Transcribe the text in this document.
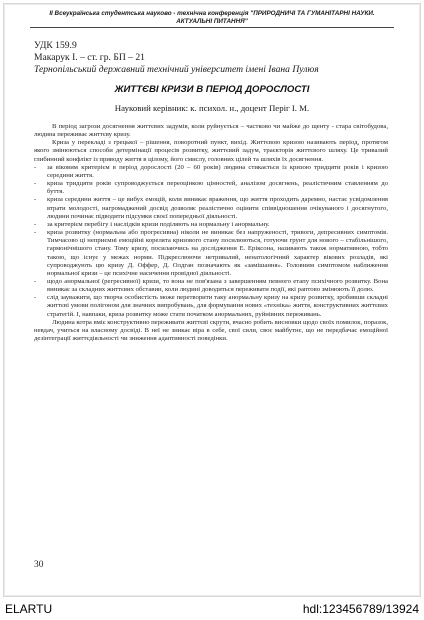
II Всеукраїнська студентська науково - технічна конференція "ПРИРОДНИЧІ ТА ГУМАНІТАРНІ НАУКИ.
АКТУАЛЬНІ ПИТАННЯ"
УДК 159.9
Макарук І. – ст. гр. БП – 21
Тернопільський державний технічний університет імені Івана Пулюя
ЖИТТЄВІ КРИЗИ В ПЕРІОД ДОРОСЛОСТІ
Науковий керівник: к. психол. н., доцент Періг І. М.

В період загрози досягнення життєвих задумів, коли руйнується – частково чи майже до щенту - стара світобудова, людина переживає життєву кризу.

Криза у перекладі з грецької – рішення, поворотний пункт, вихід. Життєвою кризою називають період, протягом якого змінюються способи детермінації процесів розвитку, життєвий задум, траєкторія життєвого шляху. Це тривалий глибинний конфлікт із приводу життя в цілому, його смислу, головних цілей та шляхів їх досягнення.

- за віковим критерієм в період дорослості (20 – 60 років) людина стикається із кризою тридцяти років і кризою середини життя.
- криза тридцяти років супроводжується переоцінкою цінностей, аналізом досягнень, реалістичним ставленням до буття.
- криза середини життя – це вибух емоцій, коли виникає враження, що життя проходить даремно, настає усвідомлення втрати молодості, нагромаджений досвід дозволяє реалістично оцінити співвідношення очікуваного і досягнутого, людини починає підводити підсумки своєї попередньої діяльності.
- за критерієм перебігу і наслідків кризи поділяють на нормальну і анормальну.
- криза розвитку (нормальна або прогресивна) ніколи не виникає без напруженості, тривоги, депресивних симптомів. Тимчасово ці неприємні емоційні корелята кризового стану посилюються, готуючи грунт для нового – стабільнішого, гармонічнішого стану. Тому кризу, посилаючись на дослідження Е. Еріксона, називають також нормативною, тобто такою, що існує у межах норми. Підкреслюючи нетривалий, ненатологічний характер вікових розладів, які супроводжують цю кризу Д. Оффер, Д. Олдган позначають як «замішання». Головним симптомом наближення нормальної кризи – це психічне насичення провідної діяльності.
- щодо анормальної (регресивної) кризи, то вона не пов'язана з завершенням певного етапу психічного розвитку. Вона виникає за складних життєвих обставин, коли людині доводиться переживати події, які раптово змінюють її долю.
- слід зауважити, що творча особистість може перетворити таку анормальну кризу на кризу розвитку, зробивши складні життєві умови полігоном для значних випробувань, для формування нових «техніка» життя, конструктивних життєвих стратегій. І, навпаки, криза розвитку може стати початком анормальних, руйнівних переживань.

Людина котра вміє конструктивно переживати життєві скрути, вчасно робить висновки щодо своїх помилок, поразок, невдач, учиться на власному досвіді. В неї не зникає віра в себе, свої сили, своє майбутнє, що не передбачає емоційної дезінтеграції життєдіяльності чи зниження адаптивності поведінки.

30
ELARTU	hdl:123456789/13924
